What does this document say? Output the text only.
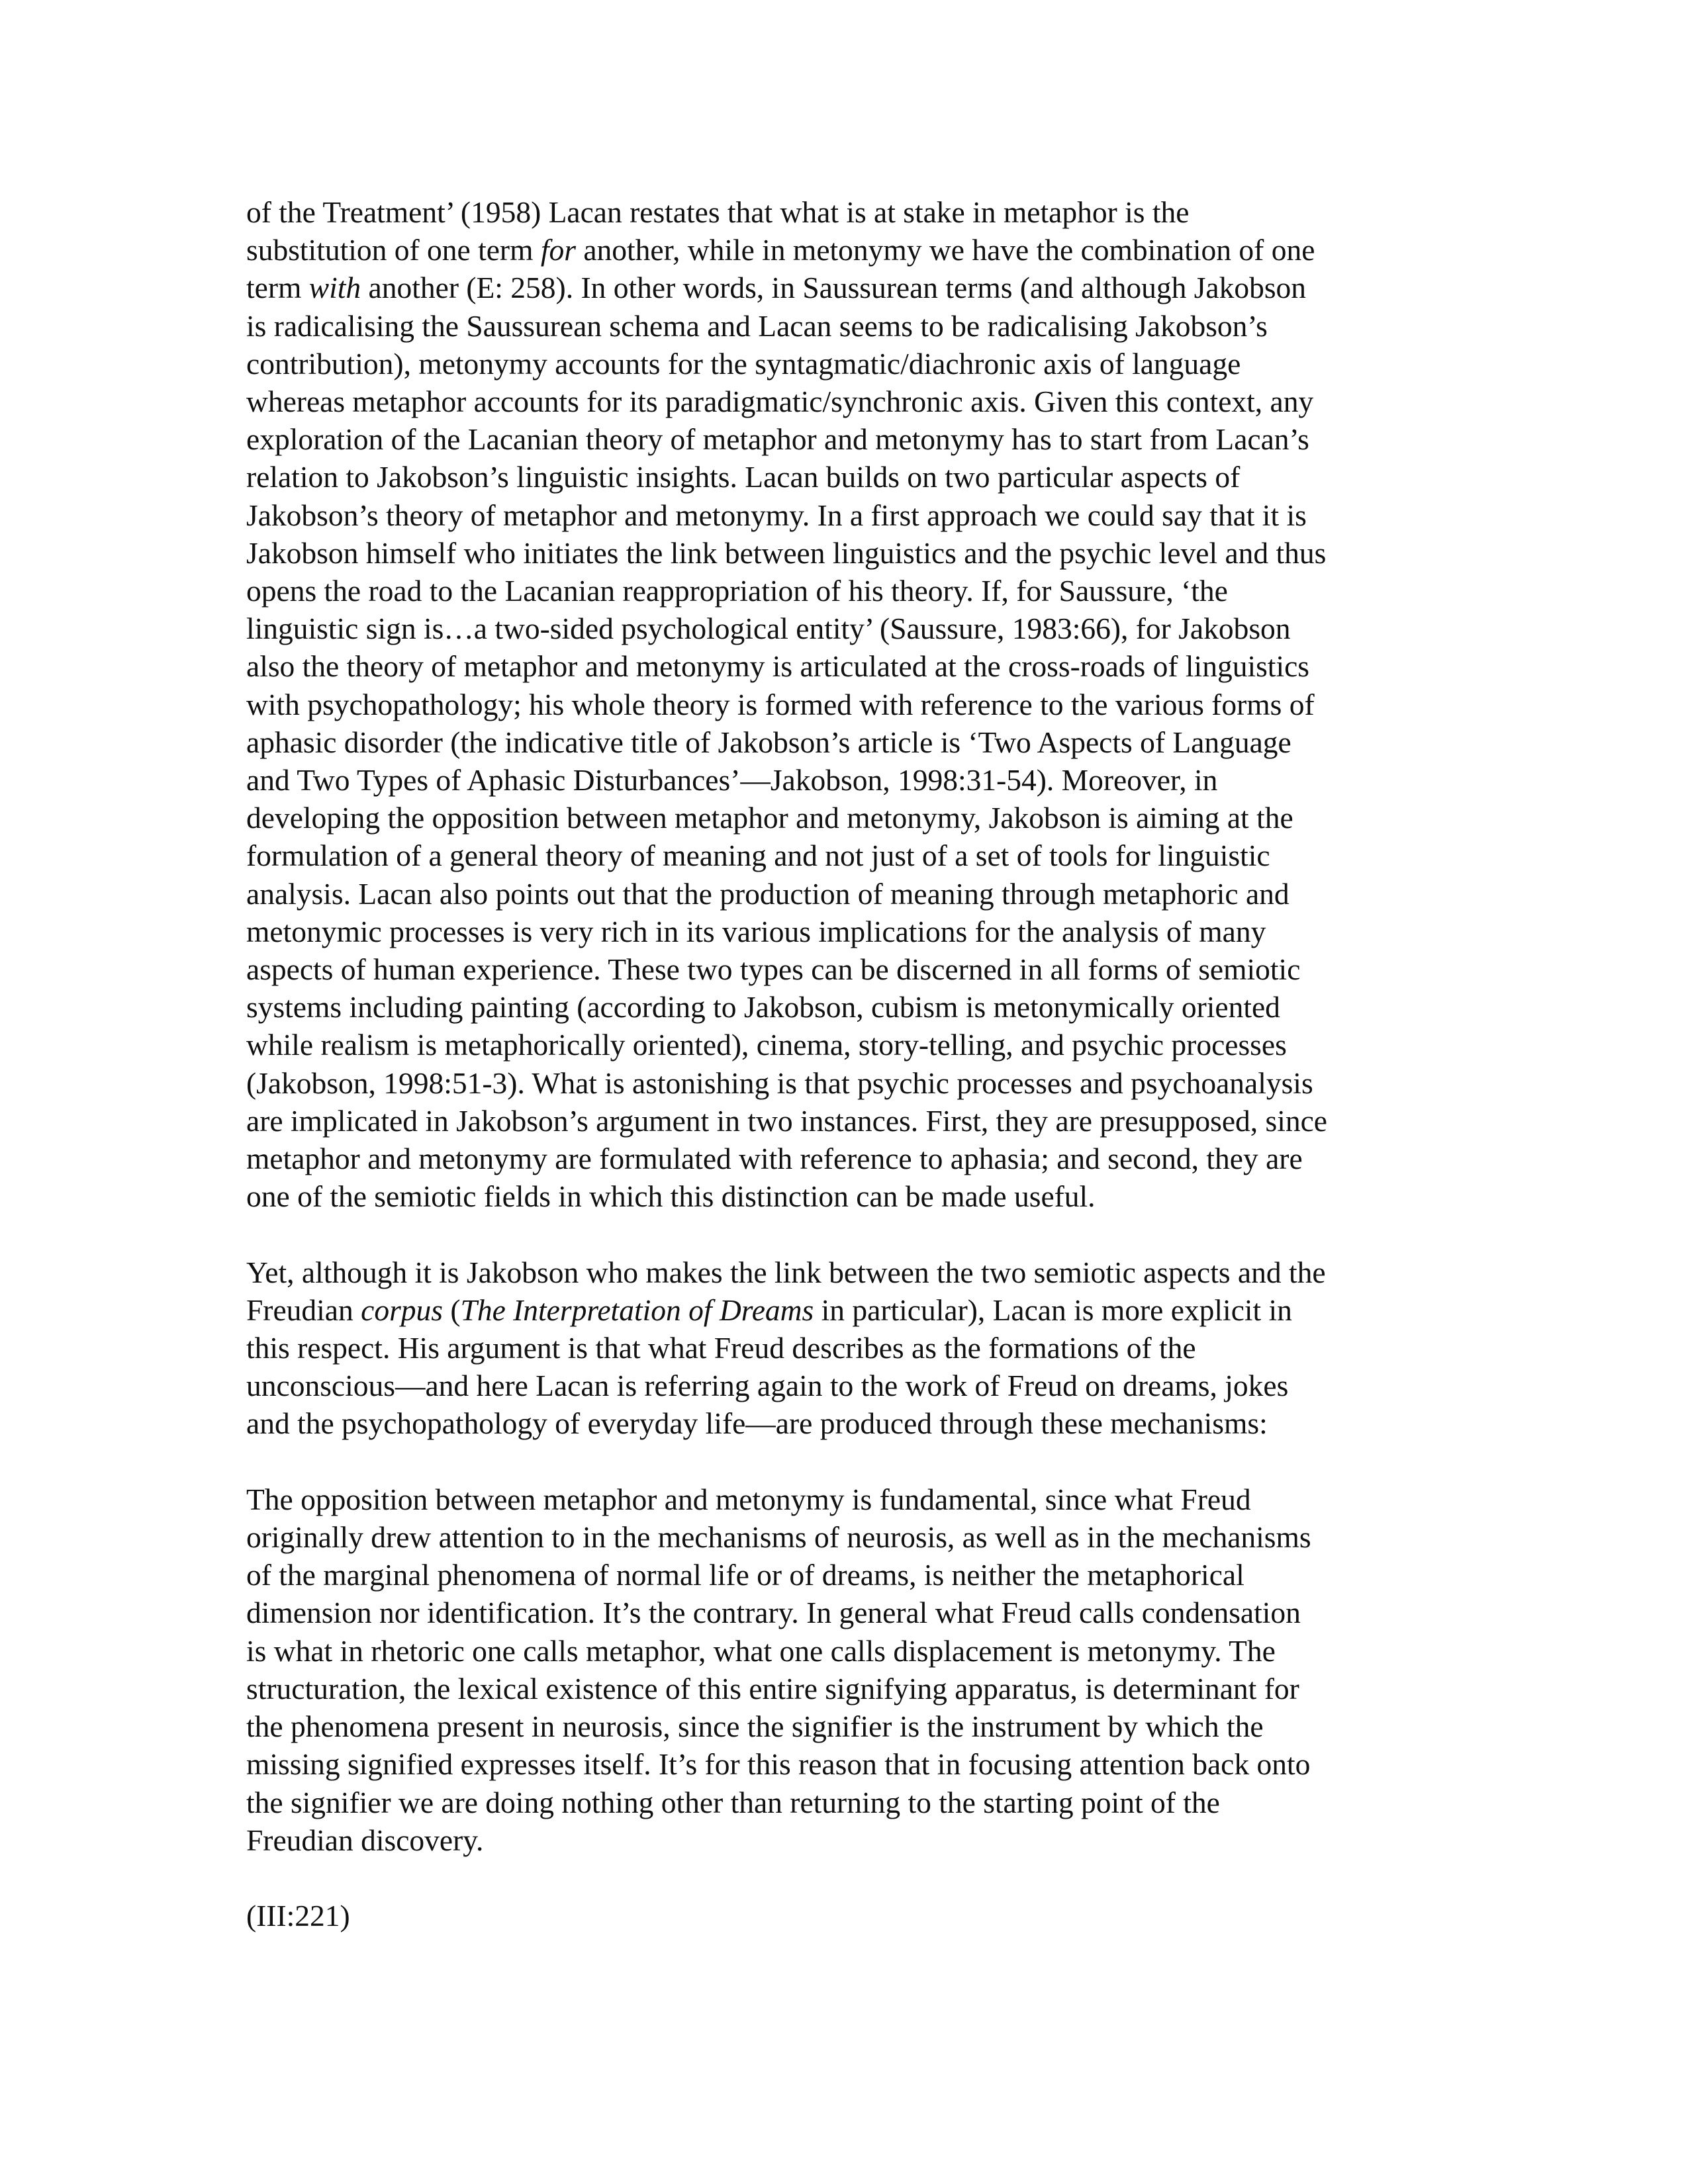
of the Treatment’ (1958) Lacan restates that what is at stake in metaphor is the
substitution of one term for another, while in metonymy we have the combination of one
term with another (E: 258). In other words, in Saussurean terms (and although Jakobson
is radicalising the Saussurean schema and Lacan seems to be radicalising Jakobson’s
contribution), metonymy accounts for the syntagmatic/diachronic axis of language
whereas metaphor accounts for its paradigmatic/synchronic axis. Given this context, any
exploration of the Lacanian theory of metaphor and metonymy has to start from Lacan’s
relation to Jakobson’s linguistic insights. Lacan builds on two particular aspects of
Jakobson’s theory of metaphor and metonymy. In a first approach we could say that it is
Jakobson himself who initiates the link between linguistics and the psychic level and thus
opens the road to the Lacanian reappropriation of his theory. If, for Saussure, ‘the
linguistic sign is…a two-sided psychological entity’ (Saussure, 1983:66), for Jakobson
also the theory of metaphor and metonymy is articulated at the cross-roads of linguistics
with psychopathology; his whole theory is formed with reference to the various forms of
aphasic disorder (the indicative title of Jakobson’s article is ‘Two Aspects of Language
and Two Types of Aphasic Disturbances’—Jakobson, 1998:31-54). Moreover, in
developing the opposition between metaphor and metonymy, Jakobson is aiming at the
formulation of a general theory of meaning and not just of a set of tools for linguistic
analysis. Lacan also points out that the production of meaning through metaphoric and
metonymic processes is very rich in its various implications for the analysis of many
aspects of human experience. These two types can be discerned in all forms of semiotic
systems including painting (according to Jakobson, cubism is metonymically oriented
while realism is metaphorically oriented), cinema, story-telling, and psychic processes
(Jakobson, 1998:51-3). What is astonishing is that psychic processes and psychoanalysis
are implicated in Jakobson’s argument in two instances. First, they are presupposed, since
metaphor and metonymy are formulated with reference to aphasia; and second, they are
one of the semiotic fields in which this distinction can be made useful.

Yet, although it is Jakobson who makes the link between the two semiotic aspects and the
Freudian corpus (The Interpretation of Dreams in particular), Lacan is more explicit in
this respect. His argument is that what Freud describes as the formations of the
unconscious—and here Lacan is referring again to the work of Freud on dreams, jokes
and the psychopathology of everyday life—are produced through these mechanisms:

The opposition between metaphor and metonymy is fundamental, since what Freud
originally drew attention to in the mechanisms of neurosis, as well as in the mechanisms
of the marginal phenomena of normal life or of dreams, is neither the metaphorical
dimension nor identification. It’s the contrary. In general what Freud calls condensation
is what in rhetoric one calls metaphor, what one calls displacement is metonymy. The
structuration, the lexical existence of this entire signifying apparatus, is determinant for
the phenomena present in neurosis, since the signifier is the instrument by which the
missing signified expresses itself. It’s for this reason that in focusing attention back onto
the signifier we are doing nothing other than returning to the starting point of the
Freudian discovery.

(III:221)
